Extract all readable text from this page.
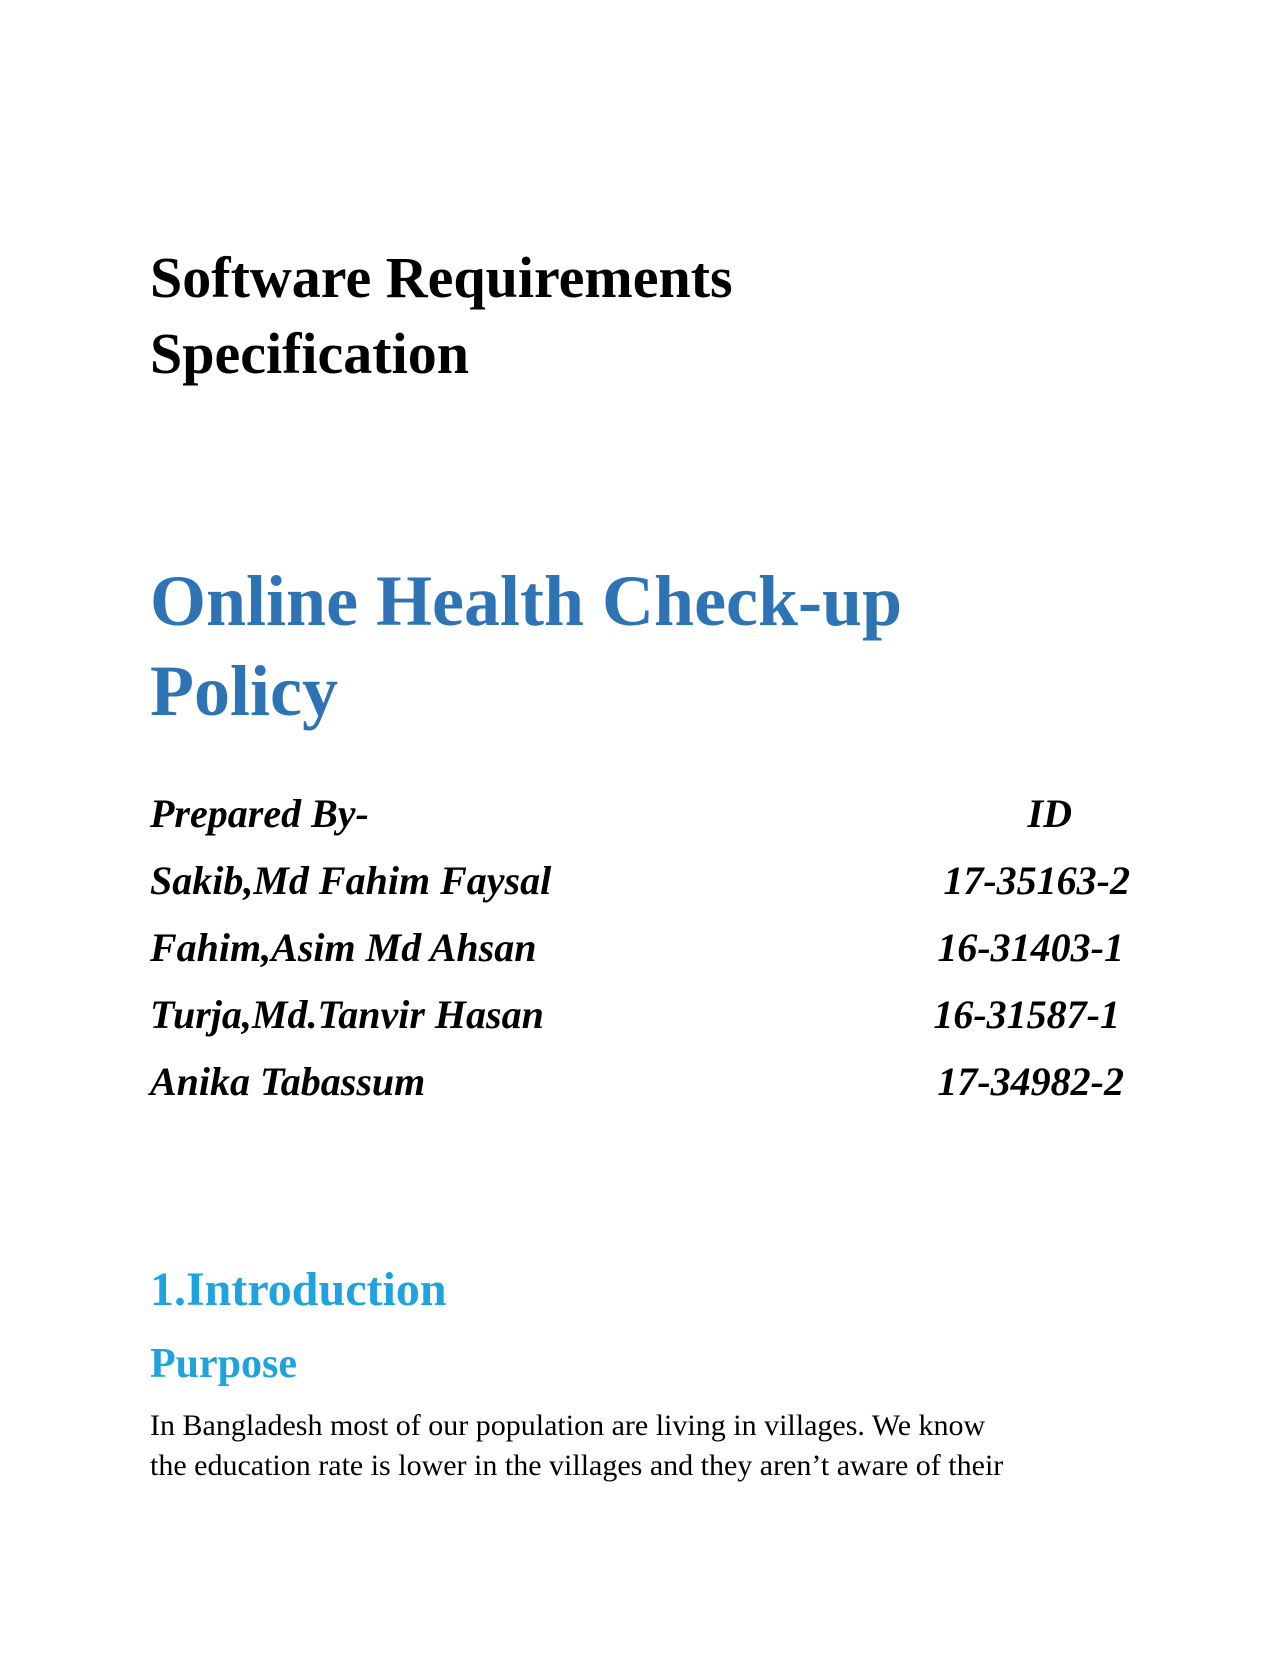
Software Requirements
Specification
Online Health Check-up
Policy
Prepared By-	ID
Sakib,Md Fahim Faysal	17-35163-2
Fahim,Asim Md Ahsan	16-31403-1
Turja,Md.Tanvir Hasan	16-31587-1
Anika Tabassum	17-34982-2
1.Introduction
Purpose

In Bangladesh most of our population are living in villages. We know
the education rate is lower in the villages and they aren’t aware of their
